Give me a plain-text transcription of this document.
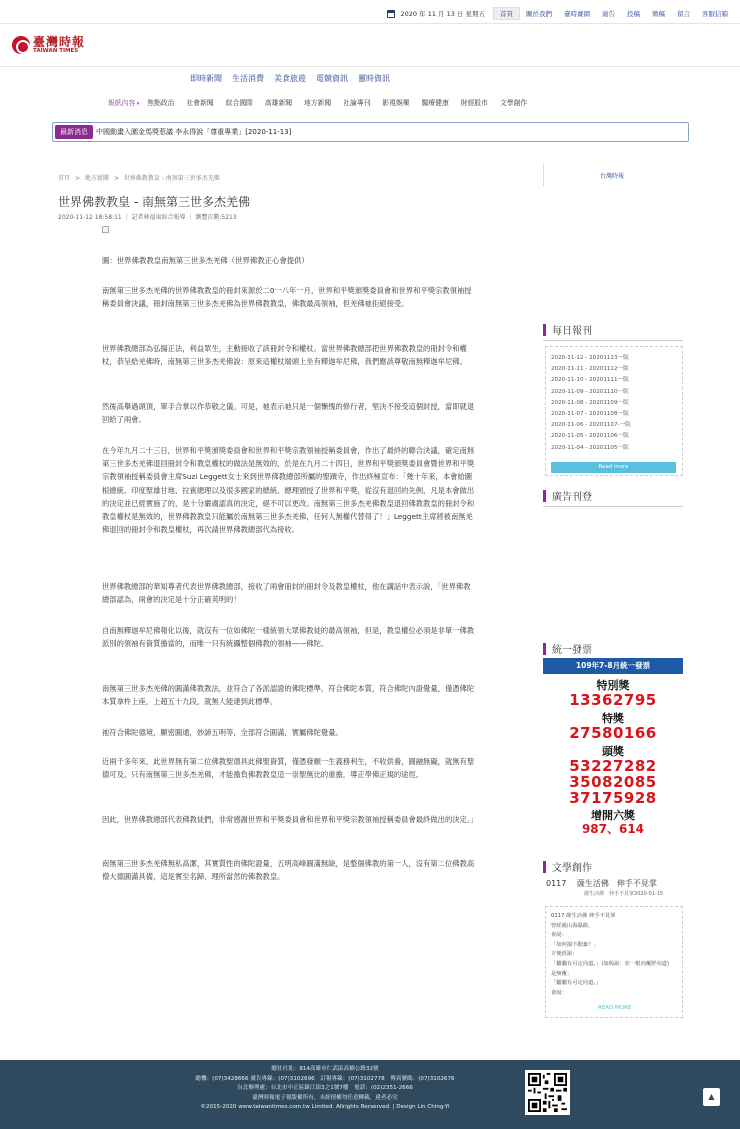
2020 年 11 月 13 日 星期五	首頁	關於我們	臺時賽網	廣告	投稿	徵稿	留言	客服信箱
臺灣時報
TAIWAN TIMES
即時新聞 生活消費 美食旅遊 電競資訊 靈時資訊
報紙內容 ▾	焦點政治 社會新聞 綜合國際 高雄新聞 地方新聞 社論專刊 影視娛樂 醫療健康 財經股市 文學創作
最新消息	中國動畫入圍金馬獎惹議 李永得說「尊重專業」[2020-11-13]
首頁 > 地方新聞 > 世界佛教教皇 - 南無第三世多杰羌佛
世界佛教教皇 - 南無第三世多杰羌佛
2020-11-12 18:58:11 ｜ 記者林福東綜合報導 ｜ 瀏覽次數:5213
圖：世界佛教教皇南無第三世多杰羌佛（世界佛教正心會提供）
南無第三世多杰羌佛的世界佛教教皇的冊封來源於二0一八年一月，世界和平獎頒獎委員會和世界和平獎宗教領袖授稱委員會決議，冊封南無第三世多杰羌佛為世界佛教教皇，佛教最高領袖，但羌佛祂拒絕接受。
世界佛教總部為弘揚正法，利益眾生，主動接收了該冊封令和權杖。當世界佛教總部把世界佛教教皇的冊封令和權杖，恭呈給羌佛時，南無第三世多杰羌佛說：原來這權杖端頭上坐有釋迦牟尼佛，我們應該尊敬南無釋迦牟尼佛。
然後高舉過頭頂，單手合掌以作恭敬之儀。可是，祂表示祂只是一個慚愧的修行者，堅決不接受這個封授，當即就退回給了兩會。
在今年九月二十三日，世界和平獎頒獎委員會和世界和平獎宗教領袖授稱委員會，作出了最終的聯合決議，確定南無第三世多杰羌佛退回冊封令和教皇權杖的做法是無效的，於是在九月二十四日，世界和平獎頒獎委員會暨世界和平獎宗教領袖授稱委員會主席Suzi Leggett女士來到世界佛教總部所屬的聖蹟寺，作出終極宣布：「幾十年來，本會給圖根總統、印度聖雄甘地、拉賓總理以及很多國家的總統、總理頒授了世界和平獎，從沒有退回的先例，凡是本會做出的決定並已經實施了的，是十分嚴肅認真的決定，絕不可以更改。南無第三世多杰羌佛教皇退回佛教教皇的冊封令和教皇權杖是無效的，世界佛教教皇只能屬於南無第三世多杰羌佛，任何人無權代替得了！」Leggett主席將被南無羌佛退回的冊封令和教皇權杖，再次請世界佛教總部代為接收。
世界佛教總部的華知尊者代表世界佛教總部，接收了兩會冊封的冊封令及教皇權杖，他在講話中表示說，「世界佛教總部認為，兩會的決定是十分正確英明的！
自南無釋迦牟尼佛報化以後，就沒有一位如佛陀一樣統領大眾佛教徒的最高領袖，但是，教皇權位必須是非單一佛教派別的領袖有資質擔當的，而唯一只有統攝整個佛教的領袖——佛陀。
南無第三世多杰羌佛的圓滿佛教教法，並符合了各派認證的佛陀標準，符合佛陀本質，符合佛陀內證覺量，僅憑佛陀本質拿杵上座，上超五十九段，就無人能達到此標準。
祂符合佛陀德境，顯密圓通，妙諦五明等，全部符合圓滿，實屬佛陀覺量。
近兩千多年來，此世界無有第二位佛教聖德具此佛聖資質，僅憑發願一生義務利生，不收供養，圓融無礙，就無有聖德可及。只有南無第三世多杰羌佛，才能擔負佛教教皇這一崇聖無比的重擔，導正學佛正規的途徑。
因此，世界佛教總部代表佛教徒們，非常感謝世界和平獎委員會和世界和平獎宗教領袖授稱委員會最終做出的決定。」
南無第三世多杰羌佛無私高潔，其實質性的佛陀證量，五明高峰圓滿無缺，是整個佛教的第一人，沒有第二位佛教高僧大德圓滿具備，這是實至名歸、理所當然的佛教教皇。
台灣時報
每日報刊
2020-11-12 - 20201113一版
2020-11-11 - 20201112一版
2020-11-10 - 20201111一版
2020-11-09 - 20201110一版
2020-11-08 - 20201109一版
2020-11-07 - 20201108一版
2020-11-06 - 20201107-一版
2020-11-05 - 20201106一版
2020-11-04 - 20201105一版
Read more
廣告刊登
統一發票
109年7-8月統一發票
特別獎
13362795
特獎
27580166
頭獎
53227282
35082085
37175928
增開六獎
987、614
文學創作
0117　 薩生活佛　伸手不見掌
薩生活佛　伸手不見掌2020-01-15
0117 薩生活佛 伸手不見掌
曾經親山海瀑路，
會說：
「如何揚不動棄？」
方便經說：
「屬屬有可定向道。」(如偈說：亞一根向覆舒向道)
是無覆：
「屬屬有可定向道。」
會說：
READ MORE
總社社址：814高雄市仁武區高楠公路32號
總機：(07)3428666 廣告專線：(07)3102696　訂報專線：(07)3102778　傳真號碼：(07)3102676
台北辦理處：台北市中正區鎮江街3之1號7樓　電話：(02)2351-2666
臺灣時報電子報版權所有，未經授權勿任意轉載，違者必究
©2015-2020 www.taiwantimes.com.tw Limited. Allrights Rerserved. | Design Lin Ching-Yi
▲
